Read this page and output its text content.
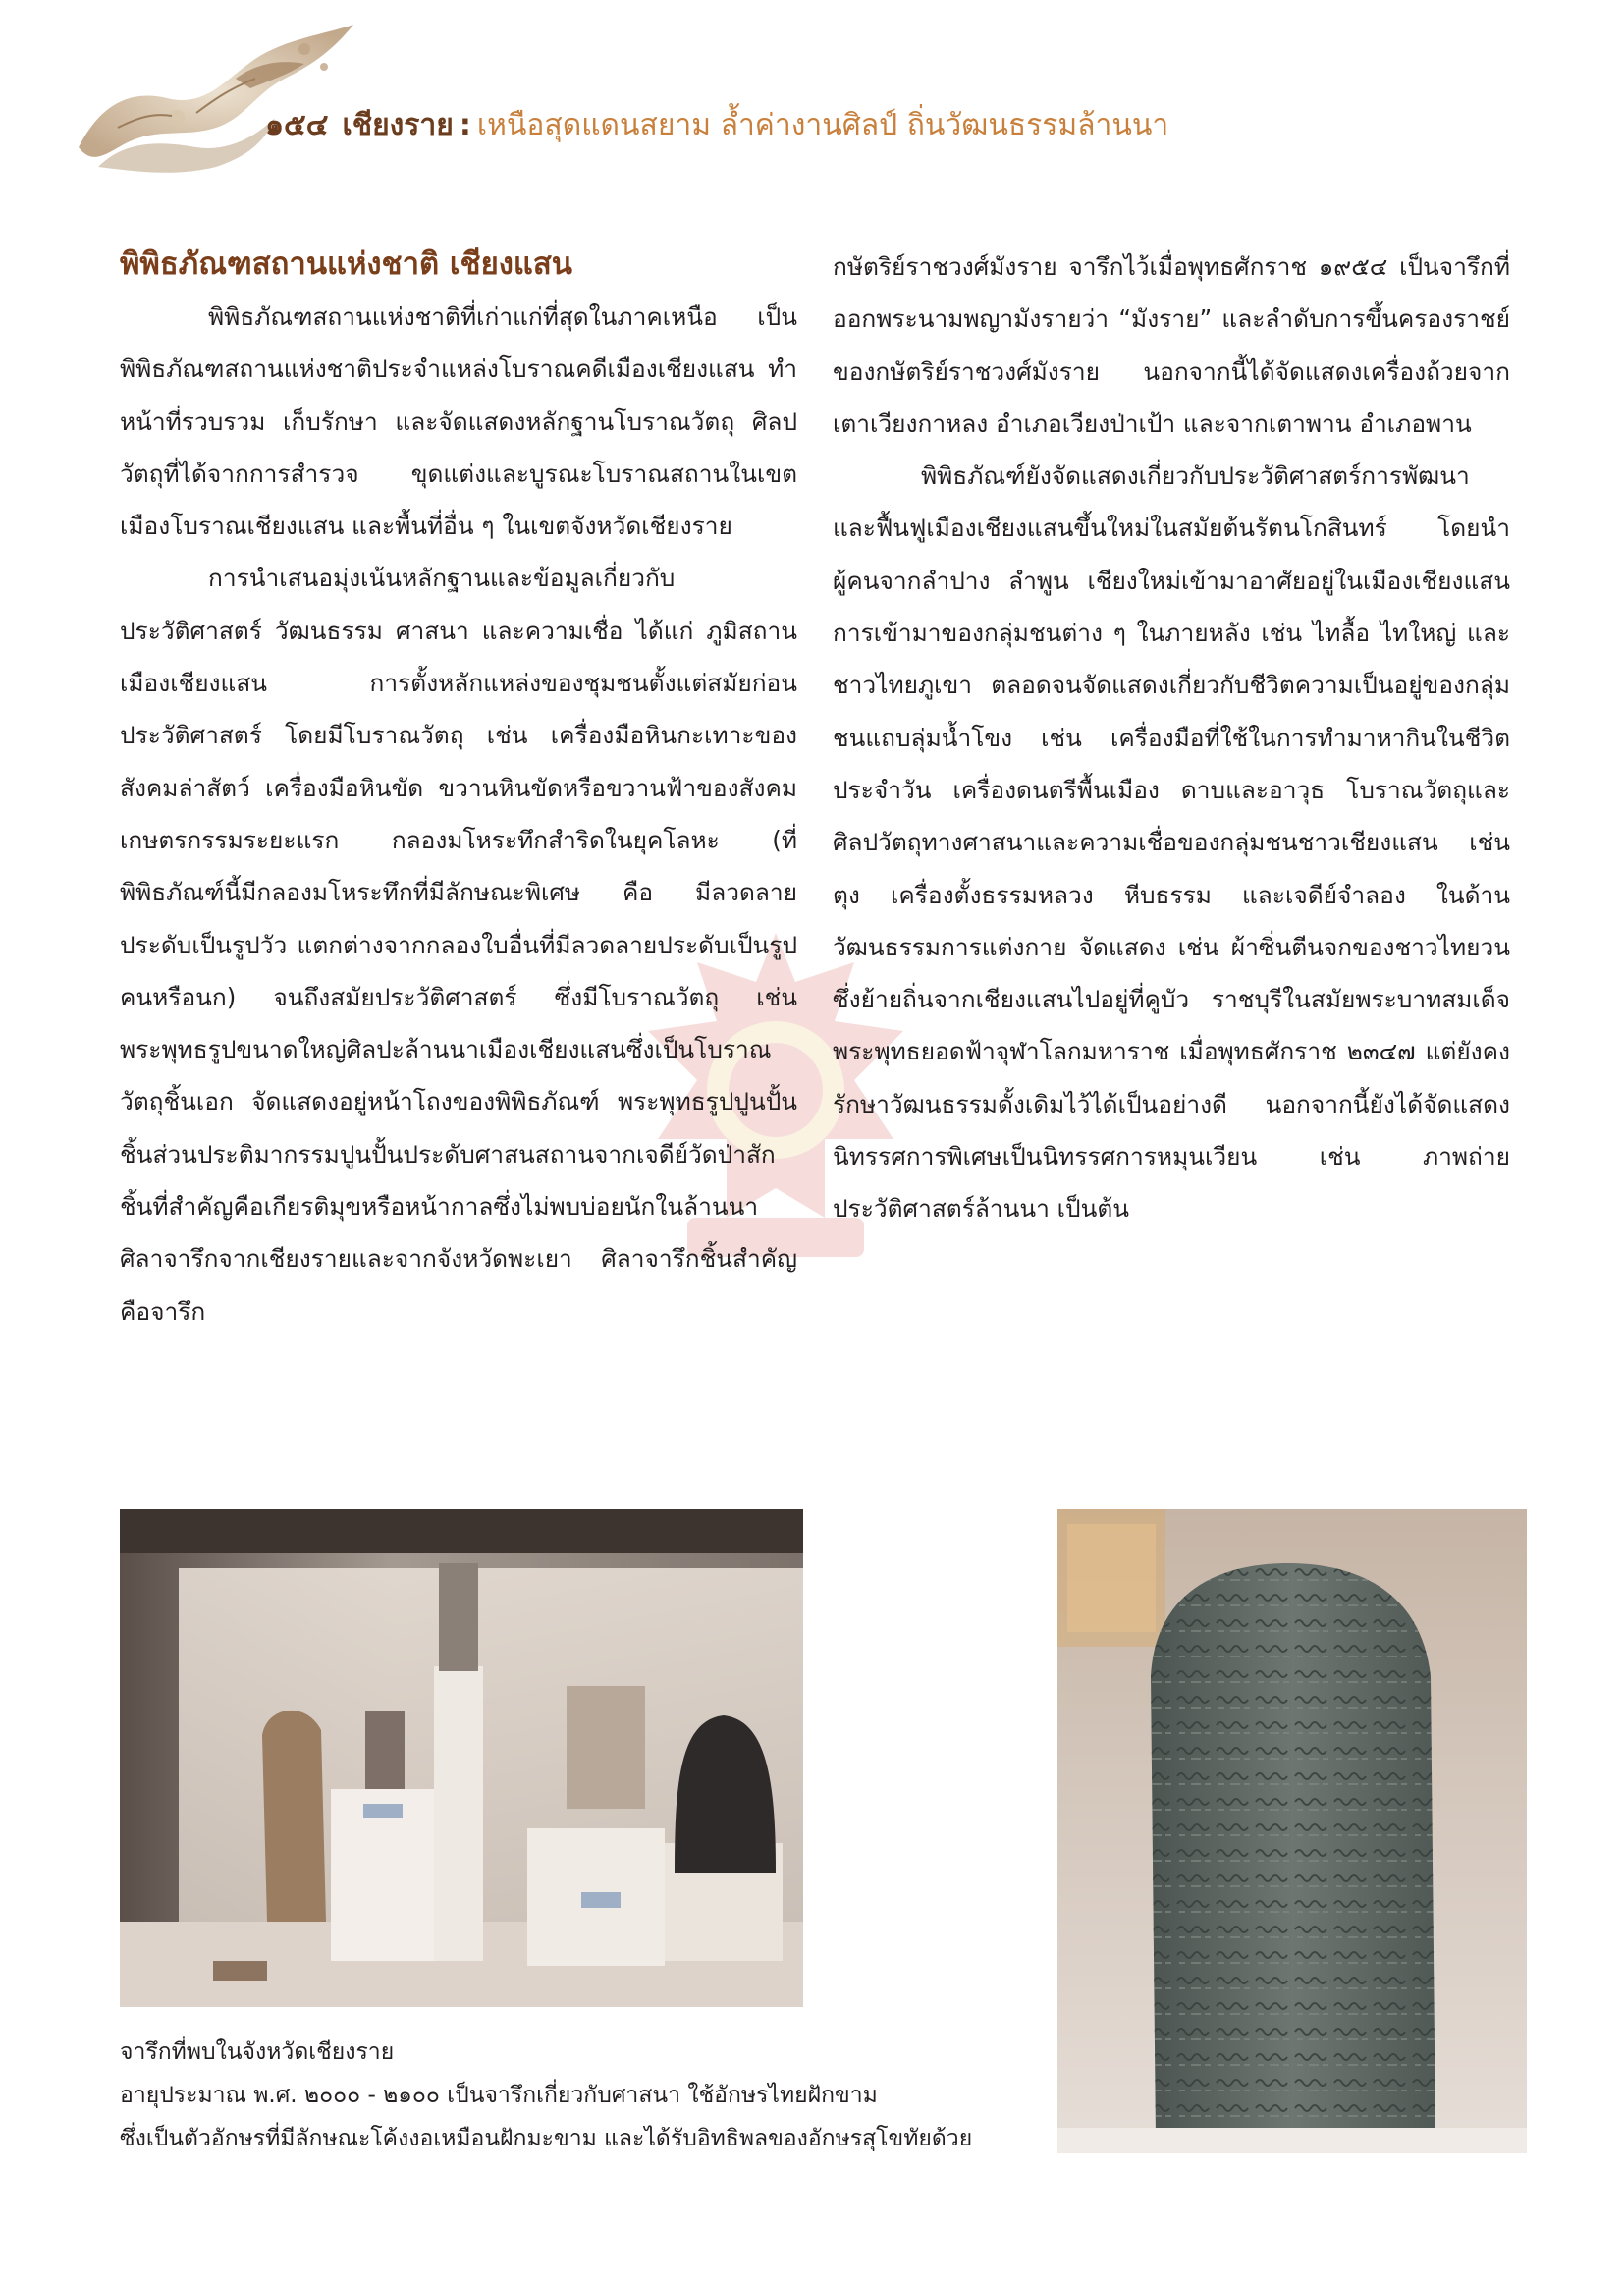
๑๕๔ เชียงราย : เหนือสุดแดนสยาม ล้ำค่างานศิลป์ ถิ่นวัฒนธรรมล้านนา
พิพิธภัณฑสถานแห่งชาติ เชียงแสน

พิพิธภัณฑสถานแห่งชาติที่เก่าแก่ที่สุดในภาคเหนือ เป็นพิพิธภัณฑสถานแห่งชาติประจำแหล่งโบราณคดีเมืองเชียงแสน ทำหน้าที่รวบรวม เก็บรักษา และจัดแสดงหลักฐานโบราณวัตถุ ศิลปวัตถุที่ได้จากการสำรวจ ขุดแต่งและบูรณะโบราณสถานในเขตเมืองโบราณเชียงแสน และพื้นที่อื่น ๆ ในเขตจังหวัดเชียงราย

การนำเสนอมุ่งเน้นหลักฐานและข้อมูลเกี่ยวกับประวัติศาสตร์ วัฒนธรรม ศาสนา และความเชื่อ ได้แก่ ภูมิสถานเมืองเชียงแสน การตั้งหลักแหล่งของชุมชนตั้งแต่สมัยก่อนประวัติศาสตร์ โดยมีโบราณวัตถุ เช่น เครื่องมือหินกะเทาะของสังคมล่าสัตว์ เครื่องมือหินขัด ขวานหินขัดหรือขวานฟ้าของสังคมเกษตรกรรมระยะแรก กลองมโหระทึกสำริดในยุคโลหะ (ที่พิพิธภัณฑ์นี้มีกลองมโหระทึกที่มีลักษณะพิเศษ คือ มีลวดลายประดับเป็นรูปวัว แตกต่างจากกลองใบอื่นที่มีลวดลายประดับเป็นรูปคนหรือนก) จนถึงสมัยประวัติศาสตร์ ซึ่งมีโบราณวัตถุ เช่น พระพุทธรูปขนาดใหญ่ศิลปะล้านนาเมืองเชียงแสนซึ่งเป็นโบราณวัตถุชิ้นเอก จัดแสดงอยู่หน้าโถงของพิพิธภัณฑ์ พระพุทธรูปปูนปั้น ชิ้นส่วนประติมากรรมปูนปั้นประดับศาสนสถานจากเจดีย์วัดป่าสัก ชิ้นที่สำคัญคือเกียรติมุขหรือหน้ากาลซึ่งไม่พบบ่อยนักในล้านนา ศิลาจารึกจากเชียงรายและจากจังหวัดพะเยา ศิลาจารึกชิ้นสำคัญ คือจารึก

กษัตริย์ราชวงศ์มังราย จารึกไว้เมื่อพุทธศักราช ๑๙๕๔ เป็นจารึกที่ออกพระนามพญามังรายว่า “มังราย” และลำดับการขึ้นครองราชย์ของกษัตริย์ราชวงศ์มังราย นอกจากนี้ได้จัดแสดงเครื่องถ้วยจากเตาเวียงกาหลง อำเภอเวียงป่าเป้า และจากเตาพาน อำเภอพาน

พิพิธภัณฑ์ยังจัดแสดงเกี่ยวกับประวัติศาสตร์การพัฒนาและฟื้นฟูเมืองเชียงแสนขึ้นใหม่ในสมัยต้นรัตนโกสินทร์ โดยนำผู้คนจากลำปาง ลำพูน เชียงใหม่เข้ามาอาศัยอยู่ในเมืองเชียงแสน การเข้ามาของกลุ่มชนต่าง ๆ ในภายหลัง เช่น ไทลื้อ ไทใหญ่ และชาวไทยภูเขา ตลอดจนจัดแสดงเกี่ยวกับชีวิตความเป็นอยู่ของกลุ่มชนแถบลุ่มน้ำโขง เช่น เครื่องมือที่ใช้ในการทำมาหากินในชีวิตประจำวัน เครื่องดนตรีพื้นเมือง ดาบและอาวุธ โบราณวัตถุและศิลปวัตถุทางศาสนาและความเชื่อของกลุ่มชนชาวเชียงแสน เช่น ตุง เครื่องตั้งธรรมหลวง หีบธรรม และเจดีย์จำลอง ในด้านวัฒนธรรมการแต่งกาย จัดแสดง เช่น ผ้าซิ่นตีนจกของชาวไทยวนซึ่งย้ายถิ่นจากเชียงแสนไปอยู่ที่คูบัว ราชบุรีในสมัยพระบาทสมเด็จพระพุทธยอดฟ้าจุฬาโลกมหาราช เมื่อพุทธศักราช ๒๓๔๗ แต่ยังคงรักษาวัฒนธรรมดั้งเดิมไว้ได้เป็นอย่างดี นอกจากนี้ยังได้จัดแสดงนิทรรศการพิเศษเป็นนิทรรศการหมุนเวียน เช่น ภาพถ่ายประวัติศาสตร์ล้านนา เป็นต้น

จารึกที่พบในจังหวัดเชียงราย
อายุประมาณ พ.ศ. ๒๐๐๐ - ๒๑๐๐ เป็นจารึกเกี่ยวกับศาสนา ใช้อักษรไทยฝักขาม
ซึ่งเป็นตัวอักษรที่มีลักษณะโค้งงอเหมือนฝักมะขาม และได้รับอิทธิพลของอักษรสุโขทัยด้วย
